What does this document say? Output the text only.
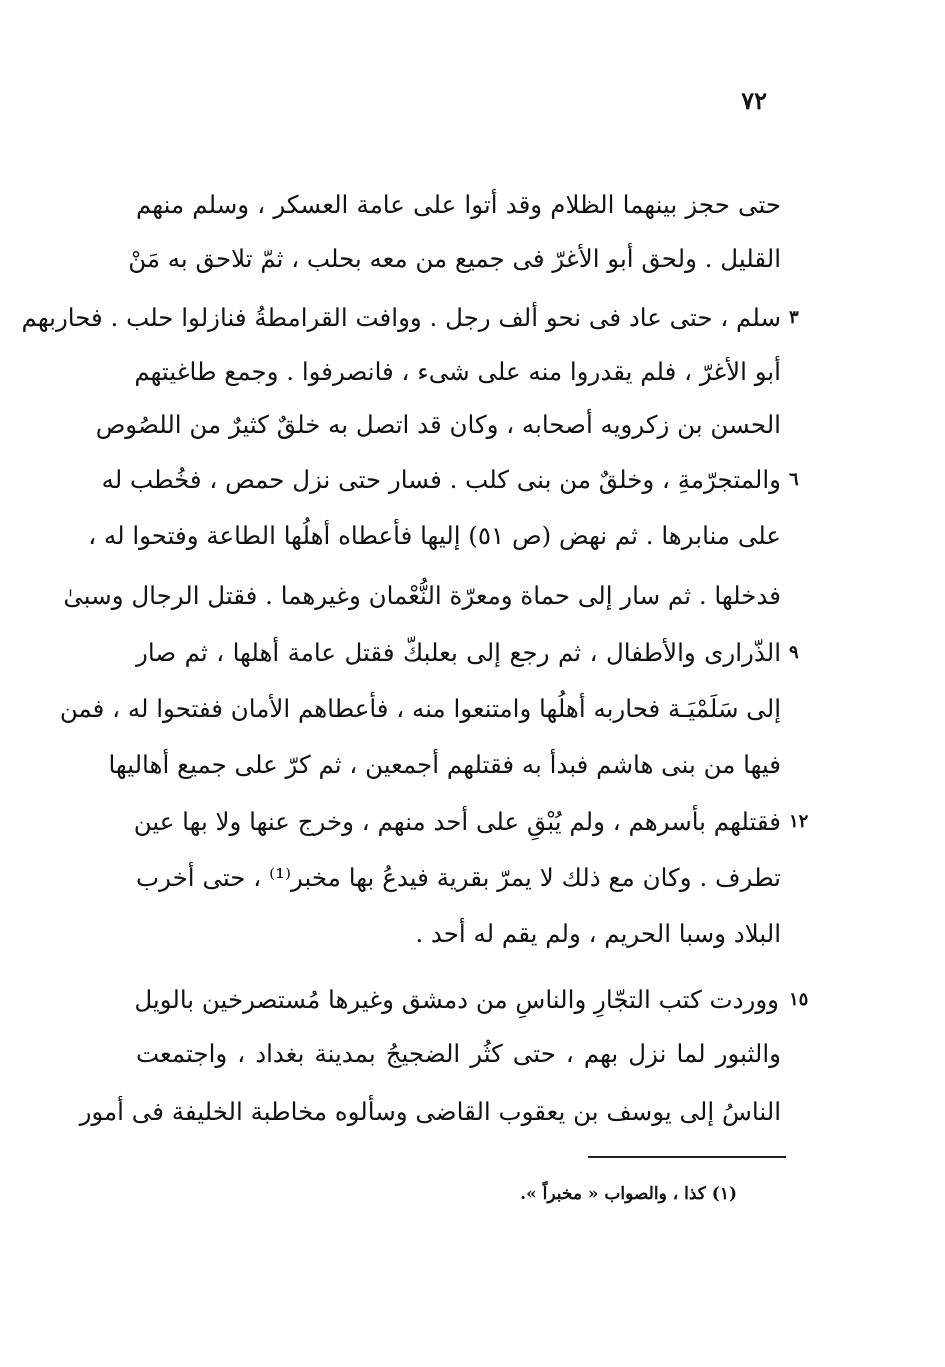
٧٢
حتى حجز بينهما الظلام وقد أتوا على عامة العسكر ، وسلم منهم
القليل . ولحق أبو الأغرّ فى جميع من معه بحلب ، ثمّ تلاحق به مَنْ
سلم ، حتى عاد فى نحو ألف رجل . ووافت القرامطةُ فنازلوا حلب . فحاربهم
أبو الأغرّ ، فلم يقدروا منه على شىء ، فانصرفوا . وجمع طاغيتهم
الحسن بن زكرويه أصحابه ، وكان قد اتصل به خلقٌ كثيرٌ من اللصُوص
والمتجرّمةِ ، وخلقٌ من بنى كلب . فسار حتى نزل حمص ، فخُطب له
على منابرها . ثم نهض (ص ٥١) إليها فأعطاه أهلُها الطاعة وفتحوا له ،
فدخلها . ثم سار إلى حماة ومعرّة النُّعْمان وغيرهما . فقتل الرجال وسبىٰ
الذّرارى والأطفال ، ثم رجع إلى بعلبكّ فقتل عامة أهلها ، ثم صار
إلى سَلَمْيَـة فحاربه أهلُها وامتنعوا منه ، فأعطاهم الأمان ففتحوا له ، فمن
فيها من بنى هاشم فبدأ به فقتلهم أجمعين ، ثم كرّ على جميع أهاليها
فقتلهم بأسرهم ، ولم يُبْقِ على أحد منهم ، وخرج عنها ولا بها عين
تطرف . وكان مع ذلك لا يمرّ بقرية فيدعُ بها مخبر⁽¹⁾ ، حتى أخرب
البلاد وسبا الحريم ، ولم يقم له أحد .
ووردت كتب التجّارِ والناسِ من دمشق وغيرها مُستصرخين بالويل
والثبور لما نزل بهم ، حتى كثُر الضجيجُ بمدينة بغداد ، واجتمعت
الناسُ إلى يوسف بن يعقوب القاضى وسألوه مخاطبة الخليفة فى أمور
٣
٦
٩
١٢
١٥
(١) كذا ، والصواب « مخبراً ».
